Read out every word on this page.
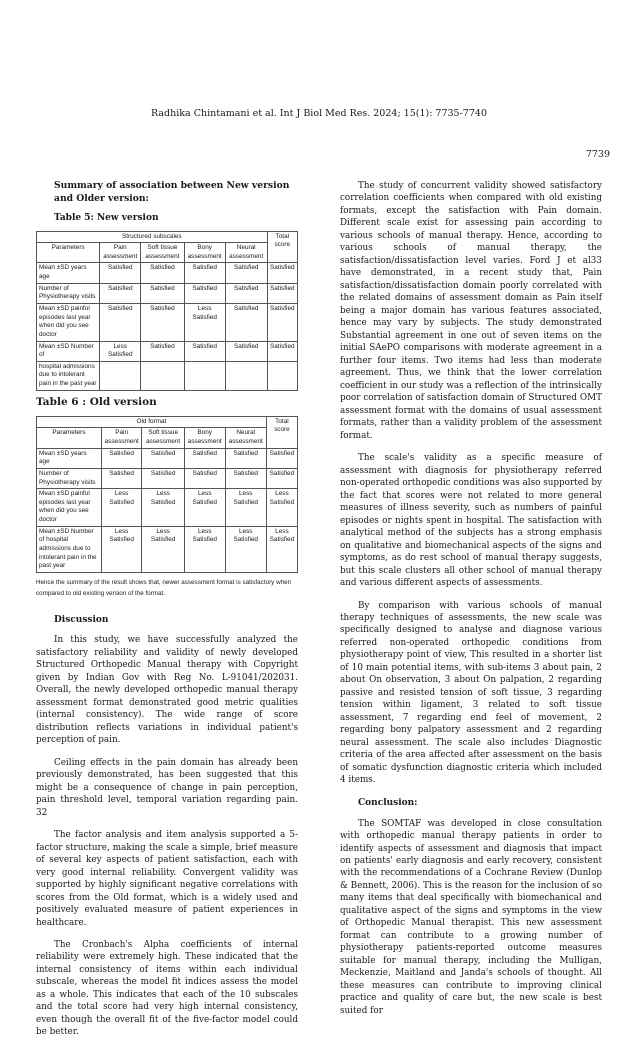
Radhika Chintamani et al. Int J Biol Med Res. 2024; 15(1): 7735-7740
7739
Summary of association between New version and Older version:
Table 5: New version
Structured subscales					Total score
Parameters	Pain assessment	Soft tissue assessment	Bony assessment	Neural assessment	
Mean ±SD years age	Satisfied	Satisfied	Satisfied	Satisfied	Satisfied
Number of Physiotherapy visits	Satisfied	Satisfied	Satisfied	Satisfied	Satisfied
Mean ±SD painful episodes last year when did you see doctor	Satisfied	Satisfied	Less Satisfied	Satisfied	Satisfied
Mean ±SD Number of	Less Satisfied	Satisfied	Satisfied	Satisfied	Satisfied
hospital admissions due to intolerant pain in the past year					
Table 6 : Old version
Old format					Total score
Parameters	Pain assessment	Soft tissue assessment	Bony assessment	Neural assessment	
Mean ±SD years age	Satisfied	Satisfied	Satisfied	Satisfied	Satisfied
Number of Physiotherapy visits	Satisfied	Satisfied	Satisfied	Satisfied	Satisfied
Mean ±SD painful episodes last year when did you see doctor	Less Satisfied	Less Satisfied	Less Satisfied	Less Satisfied	Less Satisfied
Mean ±SD Number of hospital admissions due to intolerant pain in the past year	Less Satisfied	Less Satisfied	Less Satisfied	Less Satisfied	Less Satisfied
Hence the summary of the result shows that, newer assessment format is satisfactory when compared to old existing version of the format.
Discussion

In this study, we have successfully analyzed the satisfactory reliability and validity of newly developed Structured Orthopedic Manual therapy with Copyright given by Indian Gov with Reg No. L-91041/202031. Overall, the newly developed orthopedic manual therapy assessment format demonstrated good metric qualities (internal consistency). The wide range of score distribution reflects variations in individual patient's perception of pain.

Ceiling effects in the pain domain has already been previously demonstrated, has been suggested that this might be a consequence of change in pain perception, pain threshold level, temporal variation regarding pain. 32

The factor analysis and item analysis supported a 5-factor structure, making the scale a simple, brief measure of several key aspects of patient satisfaction, each with very good internal reliability. Convergent validity was supported by highly significant negative correlations with scores from the Old format, which is a widely used and positively evaluated measure of patient experiences in healthcare.

The Cronbach's Alpha coefficients of internal reliability were extremely high. These indicated that the internal consistency of items within each individual subscale, whereas the model fit indices assess the model as a whole. This indicates that each of the 10 subscales and the total score had very high internal consistency, even though the overall fit of the five-factor model could be better.

The study of concurrent validity showed satisfactory correlation coefficients when compared with old existing formats, except the satisfaction with Pain domain. Different scale exist for assessing pain according to various schools of manual therapy. Hence, according to various schools of manual therapy, the satisfaction/dissatisfaction level varies. Ford J et al33 have demonstrated, in a recent study that, Pain satisfaction/dissatisfaction domain poorly correlated with the related domains of assessment domain as Pain itself being a major domain has various features associated, hence may vary by subjects. The study demonstrated Substantial agreement in one out of seven items on the initial SAePO comparisons with moderate agreement in a further four items. Two items had less than moderate agreement. Thus, we think that the lower correlation coefficient in our study was a reflection of the intrinsically poor correlation of satisfaction domain of Structured OMT assessment format with the domains of usual assessment formats, rather than a validity problem of the assessment format.

The scale's validity as a specific measure of assessment with diagnosis for physiotherapy referred non-operated orthopedic conditions was also supported by the fact that scores were not related to more general measures of illness severity, such as numbers of painful episodes or nights spent in hospital. The satisfaction with analytical method of the subjects has a strong emphasis on qualitative and biomechanical aspects of the signs and symptoms, as do rest school of manual therapy suggests, but this scale clusters all other school of manual therapy and various different aspects of assessments.

By comparison with various schools of manual therapy techniques of assessments, the new scale was specifically designed to analyse and diagnose various referred non-operated orthopedic conditions from physiotherapy point of view, This resulted in a shorter list of 10 main potential items, with sub-items 3 about pain, 2 about On observation, 3 about On palpation, 2 regarding passive and resisted tension of soft tissue, 3 regarding tension within ligament, 3 related to soft tissue assessment, 7 regarding end feel of movement, 2 regarding bony palpatory assessment and 2 regarding neural assessment. The scale also includes Diagnostic criteria of the area affected after assessment on the basis of somatic dysfunction diagnostic criteria which included 4 items.

Conclusion:

The SOMTAF was developed in close consultation with orthopedic manual therapy patients in order to identify aspects of assessment and diagnosis that impact on patients' early diagnosis and early recovery, consistent with the recommendations of a Cochrane Review (Dunlop & Bennett, 2006). This is the reason for the inclusion of so many items that deal specifically with biomechanical and qualitative aspect of the signs and symptoms in the view of Orthopedic Manual therapist. This new assessment format can contribute to a growing number of physiotherapy patients-reported outcome measures suitable for manual therapy, including the Mulligan, Meckenzie, Maitland and Janda's schools of thought. All these measures can contribute to improving clinical practice and quality of care but, the new scale is best suited for
